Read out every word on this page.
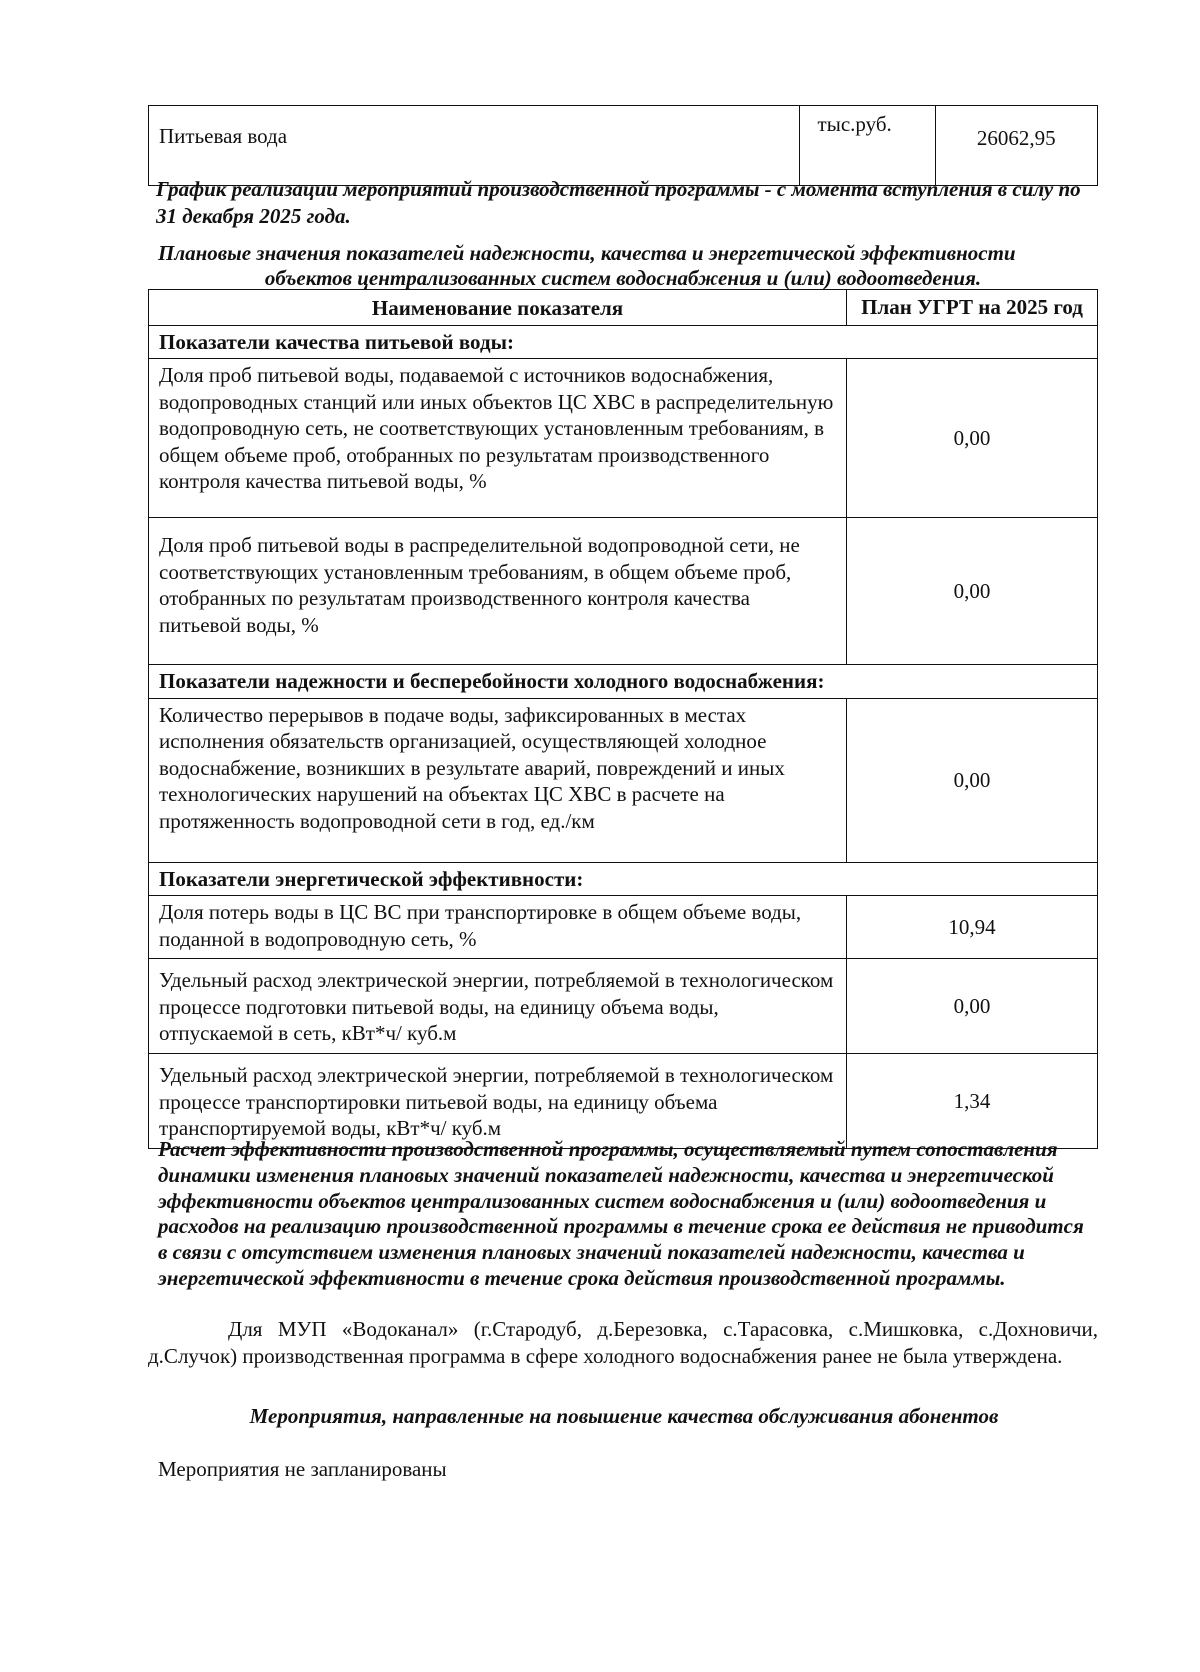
Питьевая вода	тыс.руб.	26062,95
График реализации мероприятий производственной программы - с момента вступления в силу по 31 декабря 2025 года.
Плановые значения показателей надежности, качества и энергетической эффективности
объектов централизованных систем водоснабжения и (или) водоотведения.
Наименование показателя	План УГРТ на 2025 год
Показатели качества питьевой воды:	
Доля проб питьевой воды, подаваемой с источников водоснабжения, водопроводных станций или иных объектов ЦС ХВС в распределительную водопроводную сеть, не соответствующих установленным требованиям, в общем объеме проб, отобранных по результатам производственного контроля качества питьевой воды, %	0,00
Доля проб питьевой воды в распределительной водопроводной сети, не соответствующих установленным требованиям, в общем объеме проб, отобранных по результатам производственного контроля качества питьевой воды, %	0,00
Показатели надежности и бесперебойности холодного водоснабжения:	
Количество перерывов в подаче воды, зафиксированных в местах исполнения обязательств организацией, осуществляющей холодное водоснабжение, возникших в результате аварий, повреждений и иных технологических нарушений на объектах ЦС ХВС в расчете на протяженность водопроводной сети в год, ед./км	0,00
Показатели энергетической эффективности:	
Доля потерь воды в ЦС ВС при транспортировке в общем объеме воды, поданной в водопроводную сеть, %	10,94
Удельный расход электрической энергии, потребляемой в технологическом процессе подготовки питьевой воды, на единицу объема воды, отпускаемой в сеть, кВт*ч/ куб.м	0,00
Удельный расход электрической энергии, потребляемой в технологическом процессе транспортировки питьевой воды, на единицу объема транспортируемой воды, кВт*ч/ куб.м	1,34
Расчет эффективности производственной программы, осуществляемый путем сопоставления динамики изменения плановых значений показателей надежности, качества и энергетической эффективности объектов централизованных систем водоснабжения и (или) водоотведения и расходов на реализацию производственной программы в течение срока ее действия не приводится в связи с отсутствием изменения плановых значений показателей надежности, качества и энергетической эффективности в течение срока действия производственной программы.
Для МУП «Водоканал» (г.Стародуб, д.Березовка, с.Тарасовка, с.Мишковка, с.Дохновичи, д.Случок) производственная программа в сфере холодного водоснабжения ранее не была утверждена.
Мероприятия, направленные на повышение качества обслуживания абонентов
Мероприятия не запланированы
